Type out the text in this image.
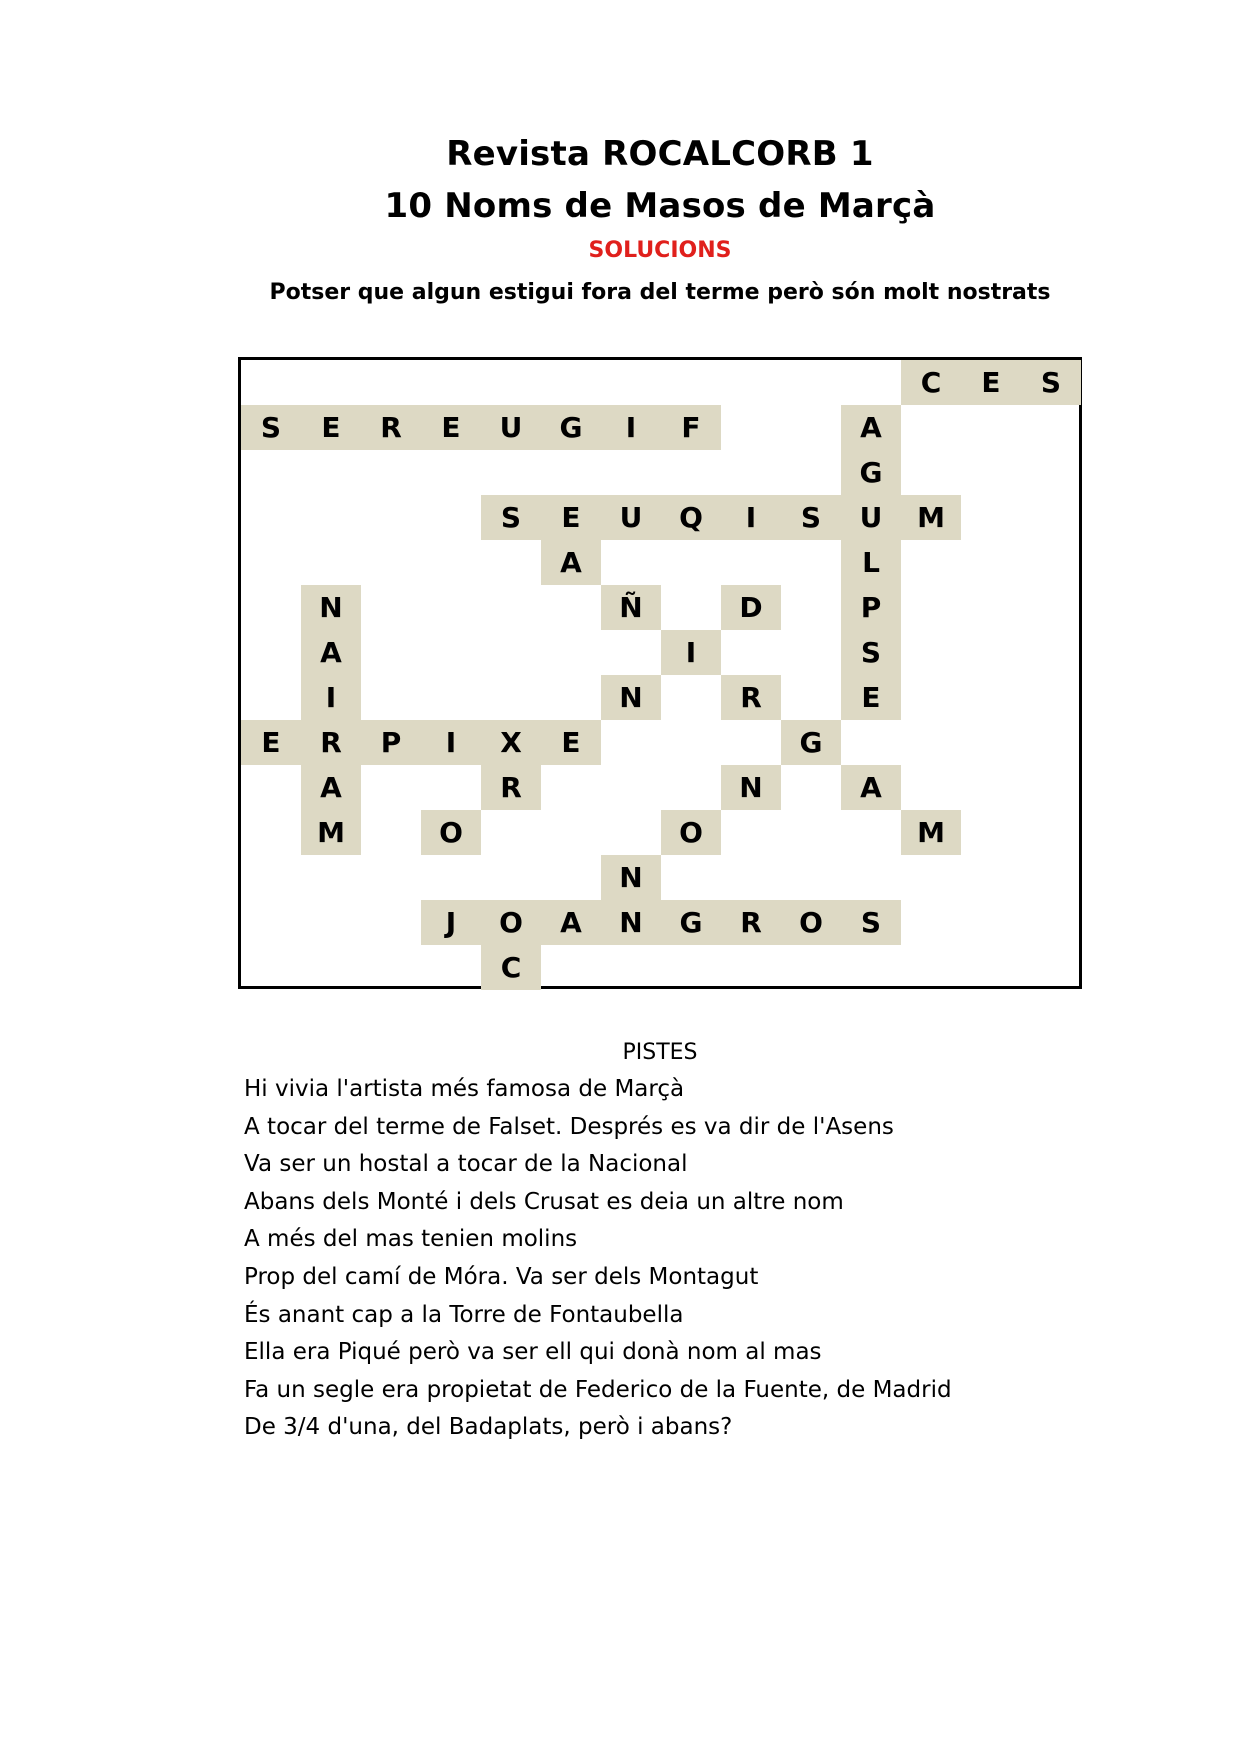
Revista ROCALCORB 1
10 Noms de Masos de Marçà
SOLUCIONS
Potser que algun estigui fora del terme però són molt nostrats
C	E	S
S	E	R	E	U	G	I	F	A
G
S	E	U	Q	I	S	U	M
A	L
N	Ñ	D	P
A	I	S
I	N	R	E
E	R	P	I	X	E	G
A	R	N	A
M	O	O	M
N
J	O	A	N	G	R	O	S
C
PISTES
Hi vivia l'artista més famosa de Marçà
A tocar del terme de Falset. Després es va dir de l'Asens
Va ser un hostal a tocar de la Nacional
Abans dels Monté i dels Crusat es deia un altre nom
A més del mas tenien molins
Prop del camí de Móra. Va ser dels Montagut
És anant cap a la Torre de Fontaubella
Ella era Piqué però va ser ell qui donà nom al mas
Fa un segle era propietat de Federico de la Fuente, de Madrid
De 3/4 d'una, del Badaplats, però i abans?
